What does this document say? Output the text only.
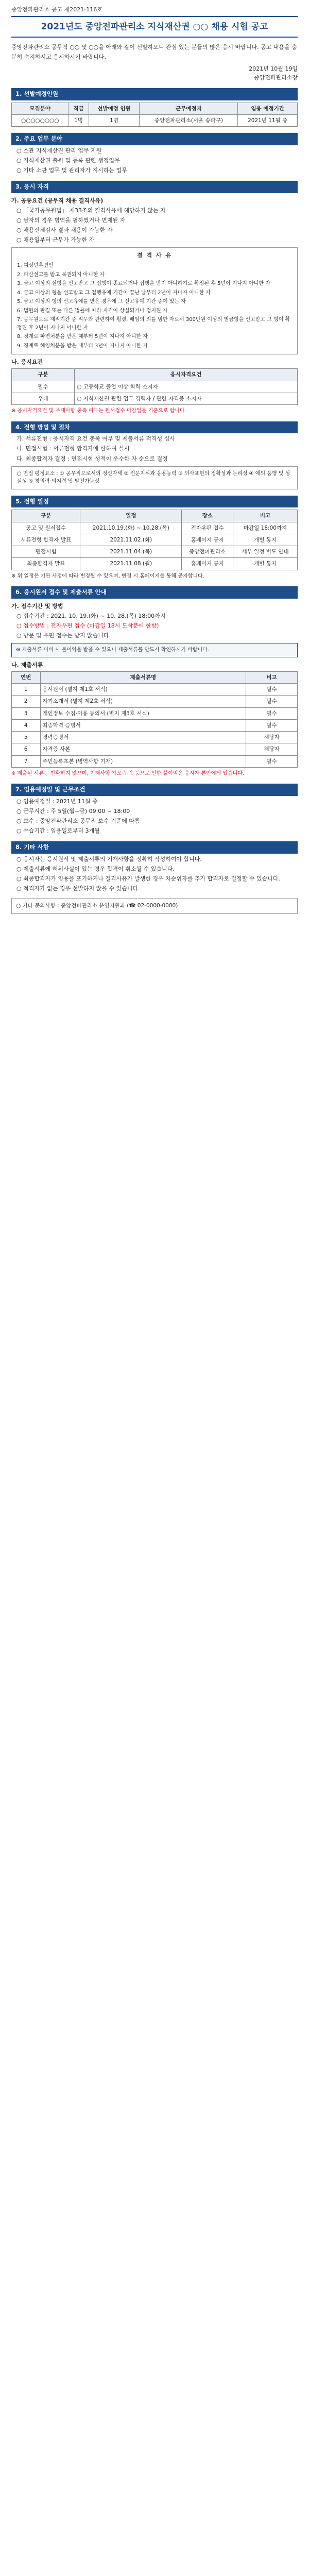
중앙전파관리소 공고 제2021-116호
2021년도 중앙전파관리소 지식재산권 ○○ 채용 시험 공고
중앙전파관리소 공무직 ○○ 및 ○○을 아래와 같이 선발하오니 관심 있는 분들의 많은 응시 바랍니다. 공고 내용을 충분히 숙지하시고 응시하시기 바랍니다.
2021년 10월 19일
중앙전파관리소장
1. 선발예정인원
모집분야	직급	선발예정 인원	근무예정지	임용 예정기간
○○○○○○○○	1명	1명	중앙전파관리소(서울 송파구)	2021년 11월 중
2. 주요 업무 분야
○ 소관 지식재산권 관리 업무 지원
○ 지식재산권 출원 및 등록 관련 행정업무
○ 기타 소관 업무 및 관리자가 지시하는 업무
3. 응시 자격
가. 공통요건 (공무직 채용 결격사유)
○ 「국가공무원법」 제33조의 결격사유에 해당하지 않는 자
○ 남자의 경우 병역을 필하였거나 면제된 자
○ 채용신체검사 결과 채용이 가능한 자
○ 채용일부터 근무가 가능한 자
결 격 사 유
1. 피성년후견인
2. 파산선고를 받고 복권되지 아니한 자
3. 금고 이상의 실형을 선고받고 그 집행이 종료되거나 집행을 받지 아니하기로 확정된 후 5년이 지나지 아니한 자
4. 금고 이상의 형을 선고받고 그 집행유예 기간이 끝난 날부터 2년이 지나지 아니한 자
5. 금고 이상의 형의 선고유예를 받은 경우에 그 선고유예 기간 중에 있는 자
6. 법원의 판결 또는 다른 법률에 따라 자격이 상실되거나 정지된 자
7. 공무원으로 재직기간 중 직무와 관련하여 횡령, 배임의 죄를 범한 자로서 300만원 이상의 벌금형을 선고받고 그 형이 확정된 후 2년이 지나지 아니한 자
8. 징계로 파면처분을 받은 때부터 5년이 지나지 아니한 자
9. 징계로 해임처분을 받은 때부터 3년이 지나지 아니한 자
나. 응시요건
구분	응시자격요건
필수	○ 고등학교 졸업 이상 학력 소지자
우대	○ 지식재산권 관련 업무 경력자 / 관련 자격증 소지자
※ 응시자격요건 및 우대사항 충족 여부는 원서접수 마감일을 기준으로 합니다.
4. 전형 방법 및 절차
가. 서류전형 : 응시자격 요건 충족 여부 및 제출서류 적격성 심사
나. 면접시험 : 서류전형 합격자에 한하여 실시
다. 최종합격자 결정 : 면접시험 성적이 우수한 자 순으로 결정
○ 면접 평정요소 : ① 공무직으로서의 정신자세 ② 전문지식과 응용능력 ③ 의사표현의 정확성과 논리성 ④ 예의·품행 및 성실성 ⑤ 창의력·의지력 및 발전가능성
5. 전형 일정
구분	일정	장소	비고
공고 및 원서접수	2021.10.19.(화) ~ 10.28.(목)	전자우편 접수	마감일 18:00까지
서류전형 합격자 발표	2021.11.02.(화)	홈페이지 공지	개별 통지
면접시험	2021.11.04.(목)	중앙전파관리소	세부 일정 별도 안내
최종합격자 발표	2021.11.08.(월)	홈페이지 공지	개별 통지
※ 위 일정은 기관 사정에 따라 변경될 수 있으며, 변경 시 홈페이지를 통해 공지합니다.
6. 응시원서 접수 및 제출서류 안내
가. 접수기간 및 방법
○ 접수기간 : 2021. 10. 19.(화) ~ 10. 28.(목) 18:00까지
○ 접수방법 : 전자우편 접수 (마감일 18시 도착분에 한함)
○ 방문 및 우편 접수는 받지 않습니다.
※ 제출서류 미비 시 불이익을 받을 수 있으니 제출서류를 반드시 확인하시기 바랍니다.
나. 제출서류
연번	제출서류명	비고
1	응시원서 (별지 제1호 서식)	필수
2	자기소개서 (별지 제2호 서식)	필수
3	개인정보 수집·이용 동의서 (별지 제3호 서식)	필수
4	최종학력 증명서	필수
5	경력증명서	해당자
6	자격증 사본	해당자
7	주민등록초본 (병역사항 기재)	필수
※ 제출된 서류는 반환하지 않으며, 기재사항 착오·누락 등으로 인한 불이익은 응시자 본인에게 있습니다.
7. 임용예정일 및 근무조건
○ 임용예정일 : 2021년 11월 중
○ 근무시간 : 주 5일(월~금) 09:00 ~ 18:00
○ 보수 : 중앙전파관리소 공무직 보수 기준에 따름
○ 수습기간 : 임용일로부터 3개월
8. 기타 사항
○ 응시자는 응시원서 및 제출서류의 기재사항을 정확히 작성하여야 합니다.
○ 제출서류에 허위사실이 있는 경우 합격이 취소될 수 있습니다.
○ 최종합격자가 임용을 포기하거나 결격사유가 발생한 경우 차순위자를 추가 합격자로 결정할 수 있습니다.
○ 적격자가 없는 경우 선발하지 않을 수 있습니다.
○ 기타 문의사항 : 중앙전파관리소 운영지원과 (☎ 02-0000-0000)
